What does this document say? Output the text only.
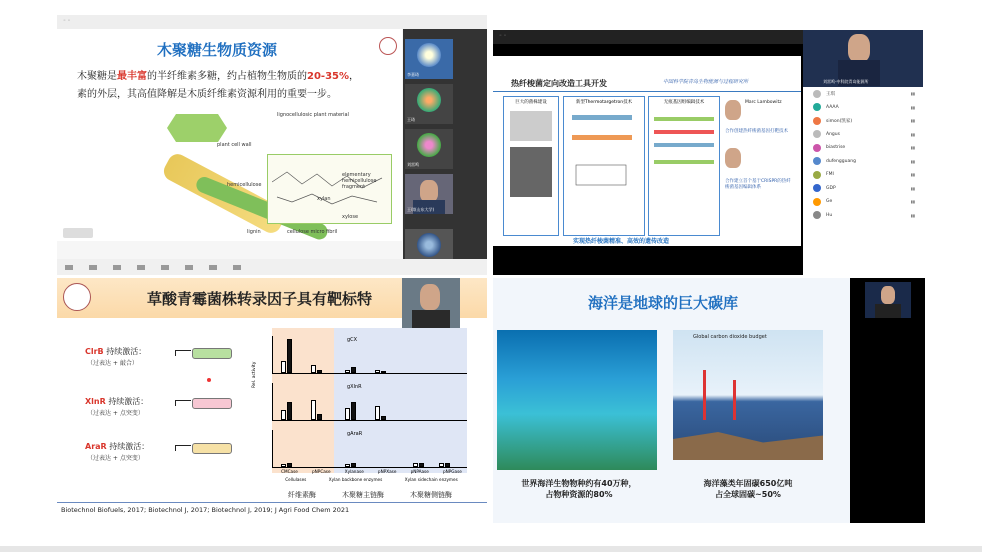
◦ ◦
木聚糖生物质资源
木聚糖是最丰富的半纤维素多糖，约占植物生物质的20-35%，
素的外层，其高值降解是木质纤维素资源利用的重要一步。
lignocellulosic plant material
plant cell wall
hemicellulose
elementary hemicellulose fragment
xylan
xylose
lignin	cellulose micro fibril
李嘉琦
王琦
刘雷鸣
王琪(山东大学)
◦ ◦
热纤梭菌定向改造工具开发	中国科学院青岛生物能源与过程研究所
巨大的菌株建设	新型Thermotargetron技术	无痕基因组编辑技术	Marc Lambowitz
合作创建热纤梭菌基因打靶技术
合作建立首个基于CRISPR的热纤梭菌基因编辑体系
实现热纤梭菌精准、高效的遗传改造
刘雷鸣-中科院青岛能源所
王琪	▮▮
AAAA	▮▮
simon(凯家)	▮▮
Angus	▮▮
biastrise	▮▮
dufengguang	▮▮
FMI	▮▮
GDP	▮▮
Ge	▮▮
Hu	▮▮
草酸青霉菌株转录因子具有靶标特
ClrB 持续激活：
（过表达 + 敲合）
XlnR 持续激活：
（过表达 + 点突变）
AraR 持续激活：
（过表达 + 点突变）
gCX
gXlnR
gAraR
Rel. activity
CMCase	pNPCase	Xylanase	pNPXase	pNPAase	pNPGase
Cellulases	Xylan backbone enzymes	Xylan sidechain enzymes
纤维素酶	木聚糖主链酶	木聚糖侧链酶
Biotechnol Biofuels, 2017; Biotechnol J, 2017; Biotechnol J, 2019; J Agri Food Chem 2021
海洋是地球的巨大碳库
Global carbon dioxide budget
世界海洋生物物种约有40万种，
占物种资源的80%
海洋藻类年固碳650亿吨
占全球固碳~50%
